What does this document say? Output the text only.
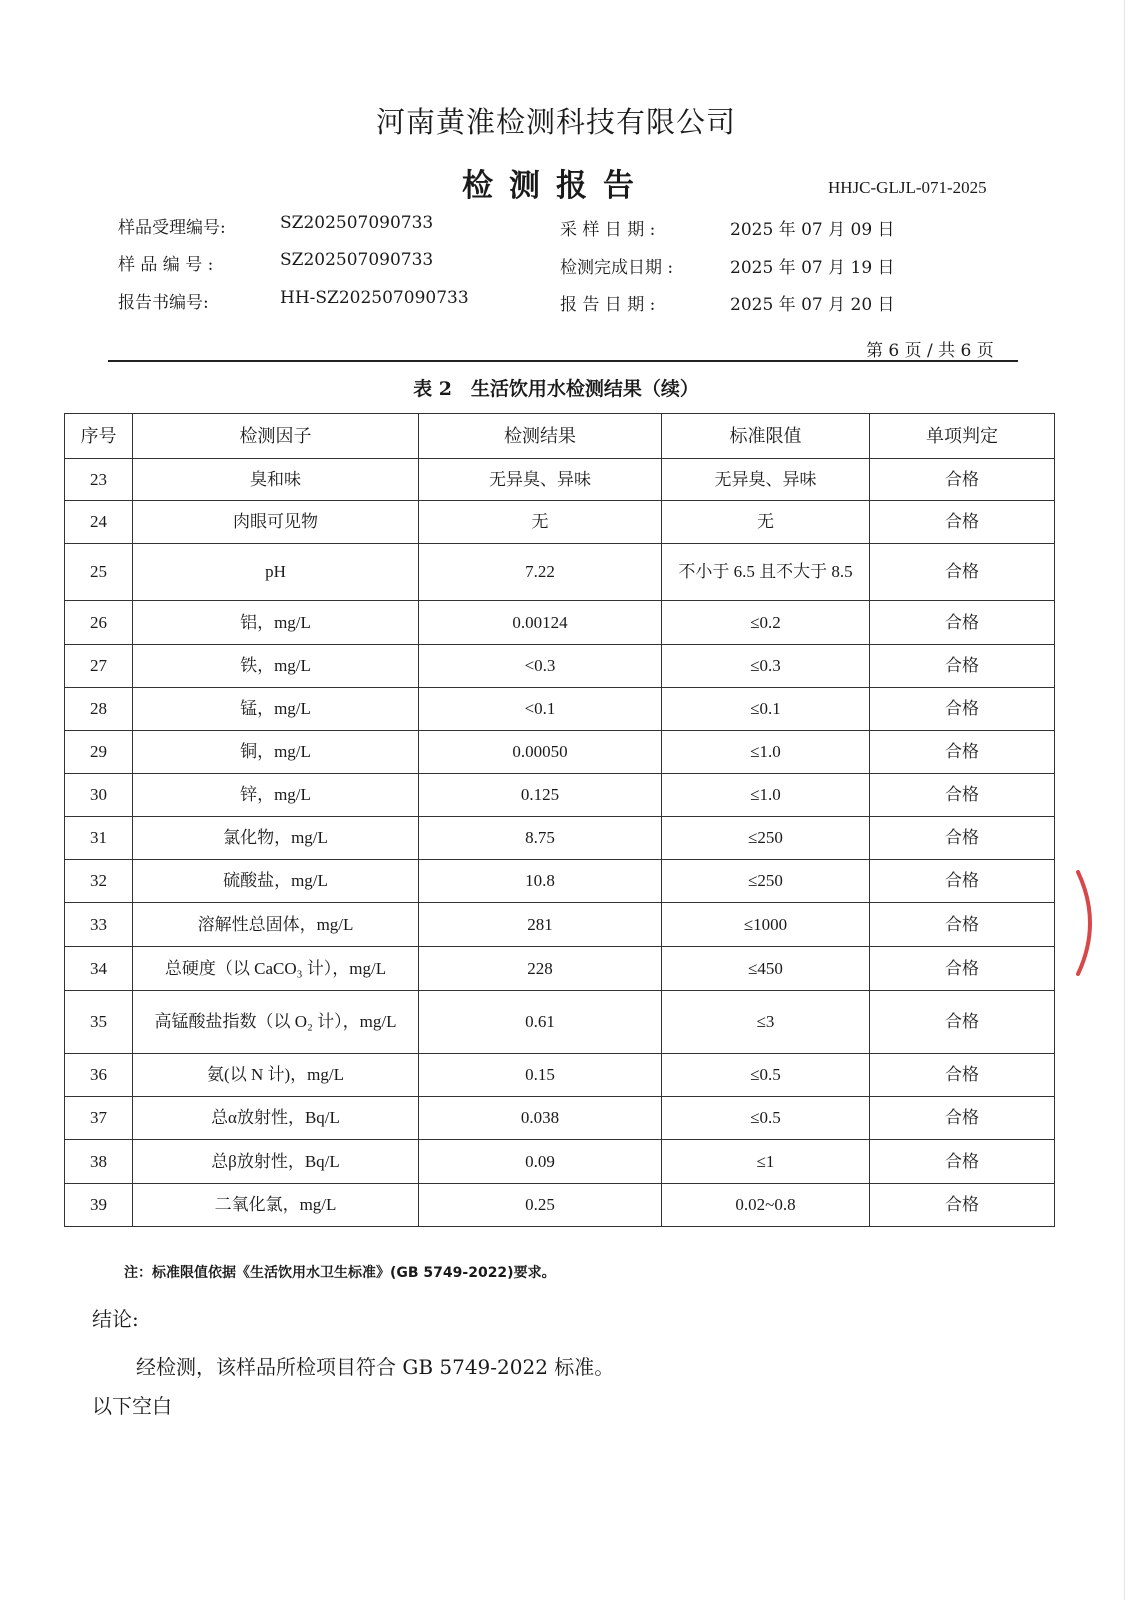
河南黄淮检测科技有限公司
检测报告	HHJC-GLJL-071-2025
样品受理编号:	SZ202507090733
样 品 编 号 :	SZ202507090733
报告书编号:	HH-SZ202507090733
采 样 日 期 :	2025 年 07 月 09 日
检测完成日期 :	2025 年 07 月 19 日
报 告 日 期 :	2025 年 07 月 20 日
第 6 页 / 共 6 页
表 2　生活饮用水检测结果（续）
序号	检测因子	检测结果	标准限值	单项判定
23	臭和味	无异臭、异味	无异臭、异味	合格
24	肉眼可见物	无	无	合格
25	pH	7.22	不小于 6.5 且不大于 8.5	合格
26	铝，mg/L	0.00124	≤0.2	合格
27	铁，mg/L	<0.3	≤0.3	合格
28	锰，mg/L	<0.1	≤0.1	合格
29	铜，mg/L	0.00050	≤1.0	合格
30	锌，mg/L	0.125	≤1.0	合格
31	氯化物，mg/L	8.75	≤250	合格
32	硫酸盐，mg/L	10.8	≤250	合格
33	溶解性总固体，mg/L	281	≤1000	合格
34	总硬度（以 CaCO₃ 计），mg/L	228	≤450	合格
35	高锰酸盐指数（以 O₂ 计），mg/L	0.61	≤3	合格
36	氨(以 N 计)，mg/L	0.15	≤0.5	合格
37	总α放射性，Bq/L	0.038	≤0.5	合格
38	总β放射性，Bq/L	0.09	≤1	合格
39	二氧化氯，mg/L	0.25	0.02~0.8	合格
注：标准限值依据《生活饮用水卫生标准》(GB 5749-2022)要求。
结论:
经检测，该样品所检项目符合 GB 5749-2022 标准。
以下空白
